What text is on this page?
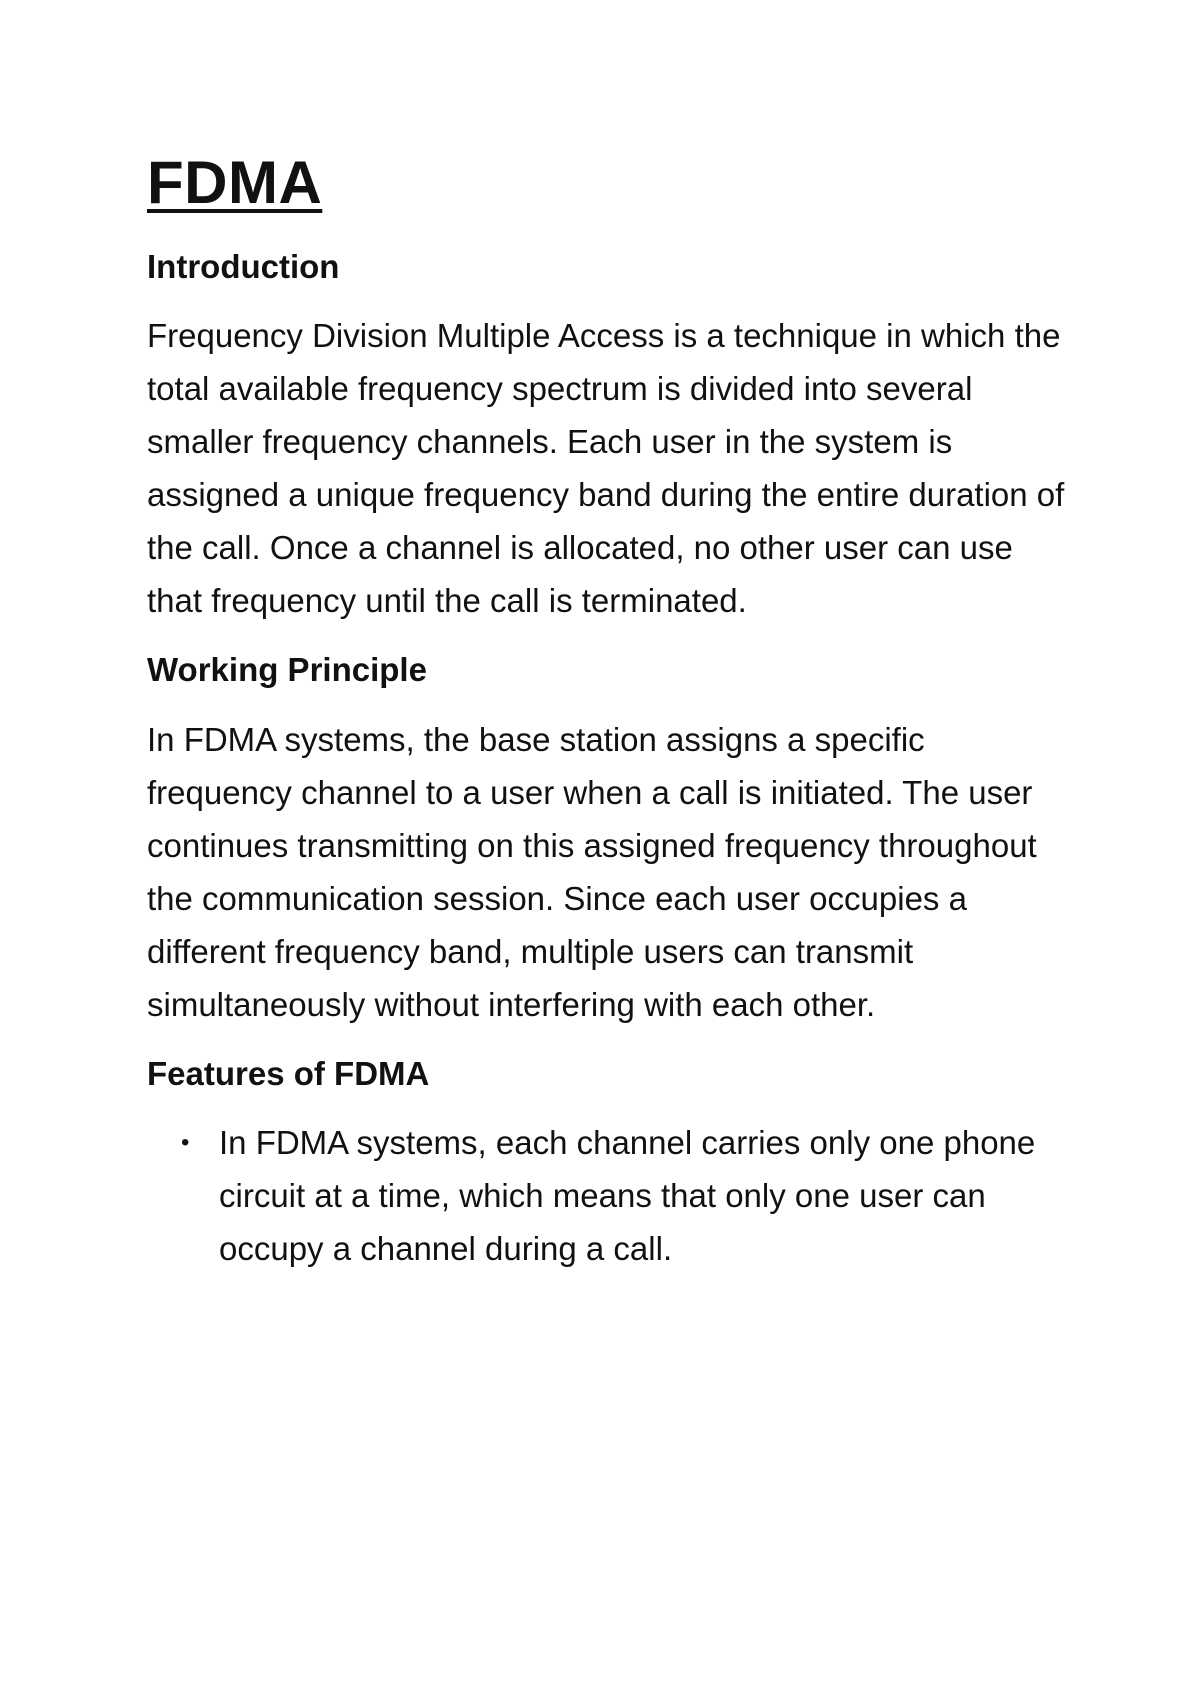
FDMA
Introduction

Frequency Division Multiple Access is a technique in which the total available frequency spectrum is divided into several smaller frequency channels. Each user in the system is assigned a unique frequency band during the entire duration of the call. Once a channel is allocated, no other user can use that frequency until the call is terminated.

Working Principle

In FDMA systems, the base station assigns a specific frequency channel to a user when a call is initiated. The user continues transmitting on this assigned frequency throughout the communication session. Since each user occupies a different frequency band, multiple users can transmit simultaneously without interfering with each other.

Features of FDMA
• In FDMA systems, each channel carries only one phone circuit at a time, which means that only one user can occupy a channel during a call.
